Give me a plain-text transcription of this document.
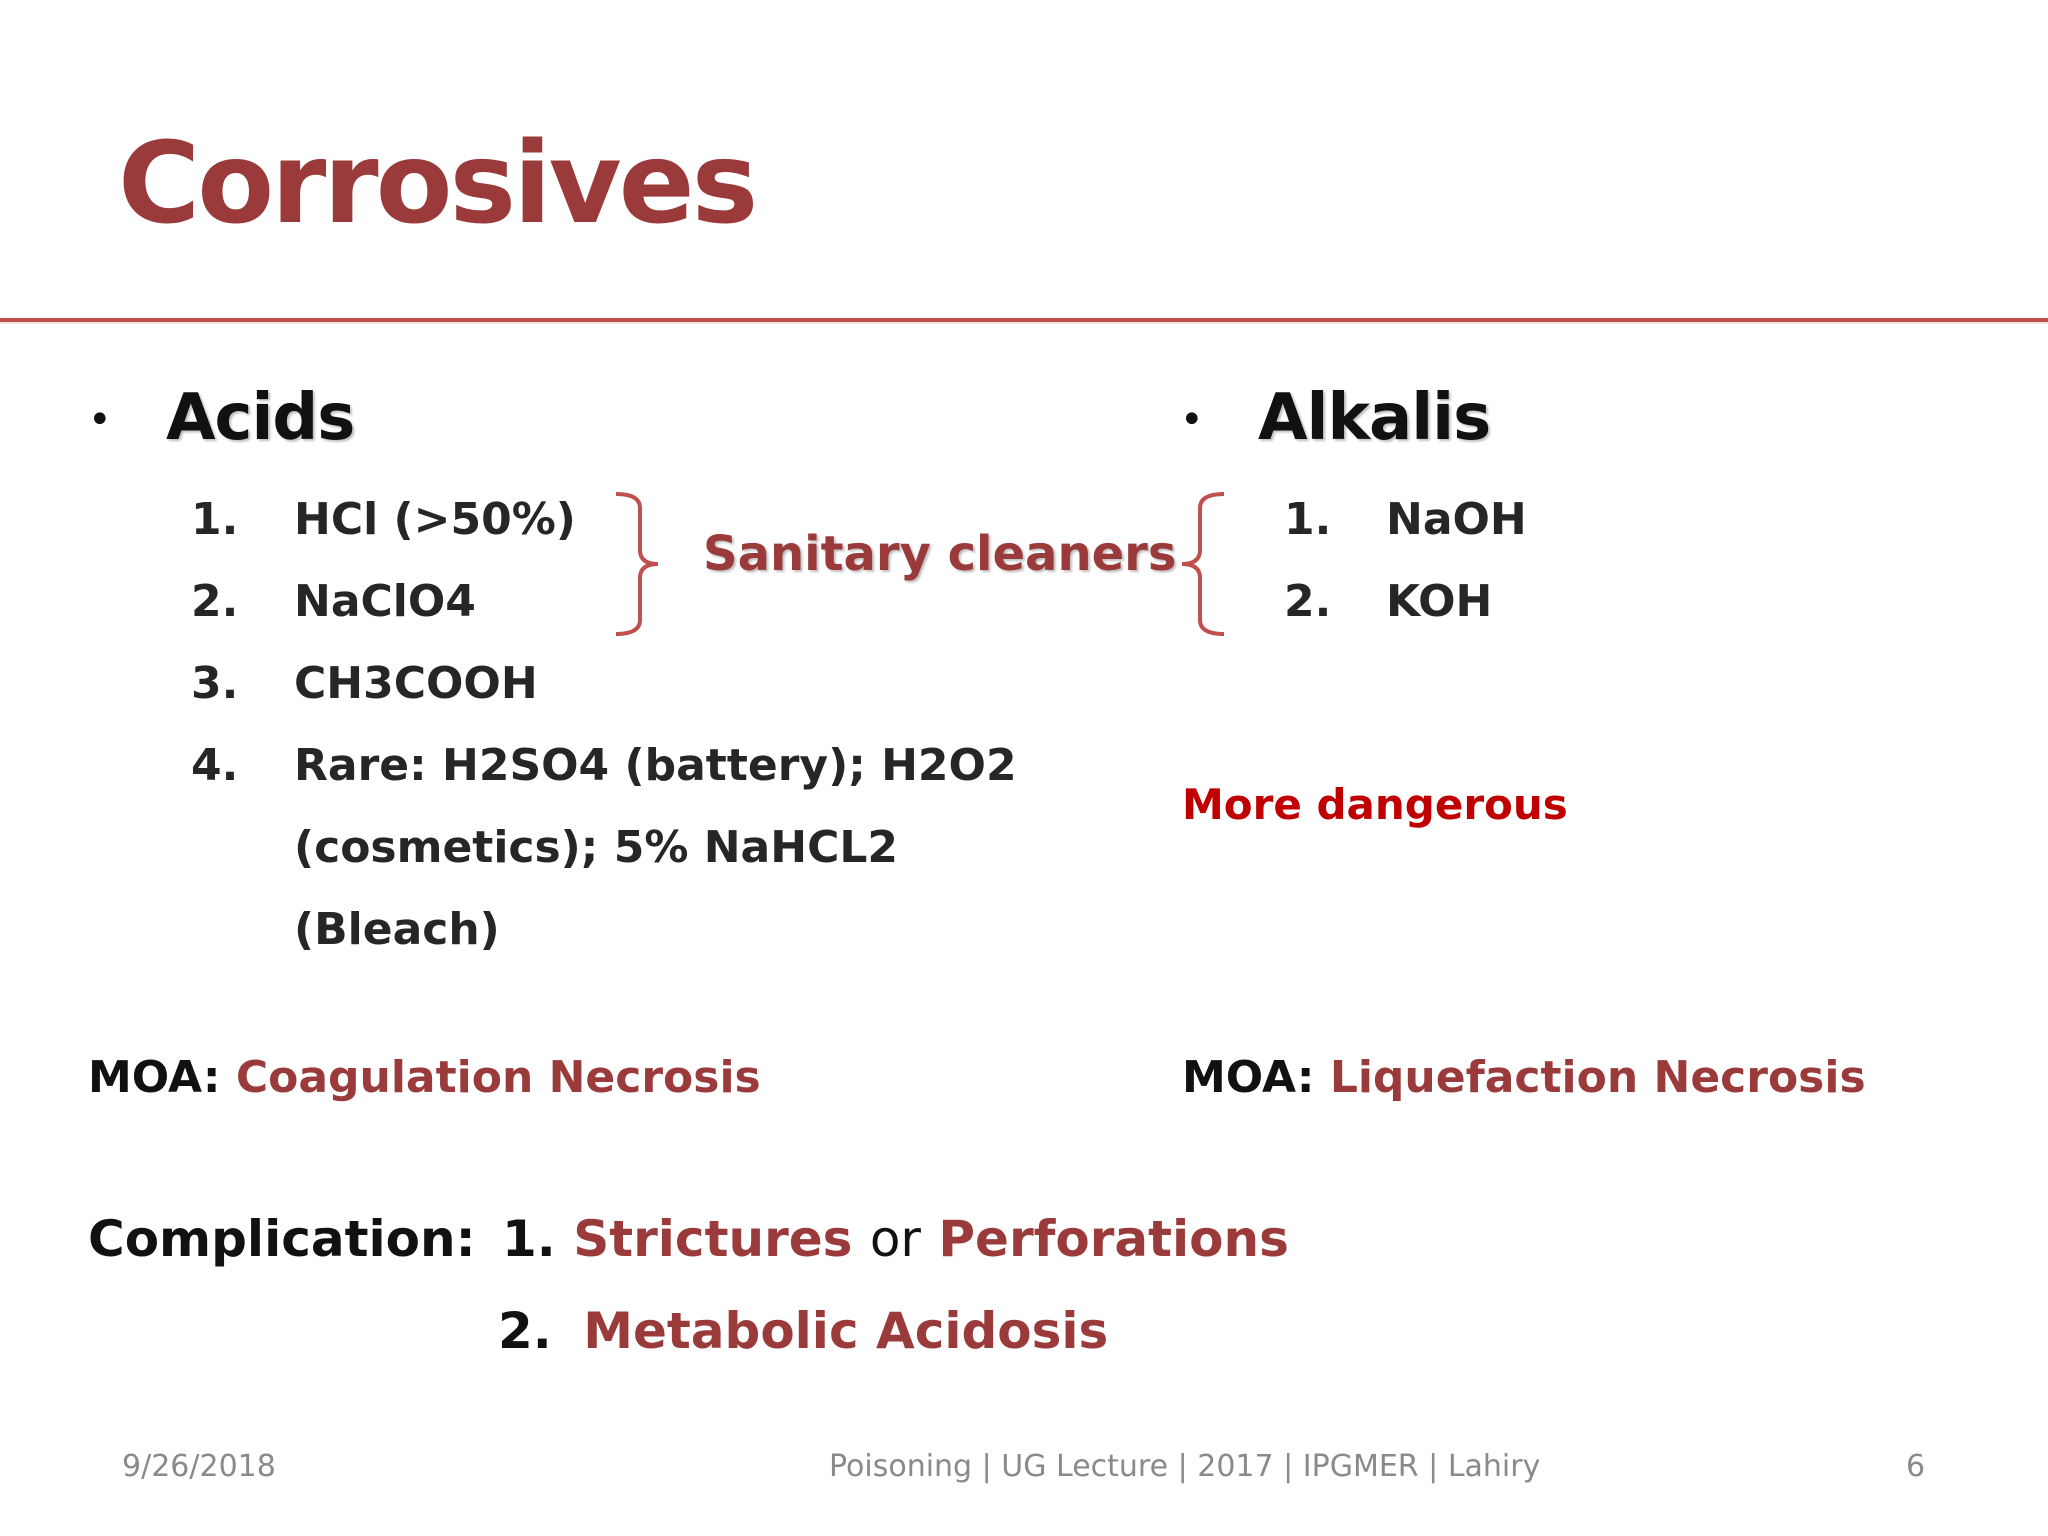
Corrosives
• Acids
1. HCl (>50%)
2. NaClO4
3. CH3COOH
4. Rare: H2SO4 (battery); H2O2
(cosmetics); 5% NaHCL2
(Bleach)
Sanitary cleaners
• Alkalis
1. NaOH
2. KOH
More dangerous
MOA: Coagulation Necrosis	MOA: Liquefaction Necrosis
Complication: 1. Strictures or Perforations
2. Metabolic Acidosis
9/26/2018	Poisoning | UG Lecture | 2017 | IPGMER | Lahiry	6
